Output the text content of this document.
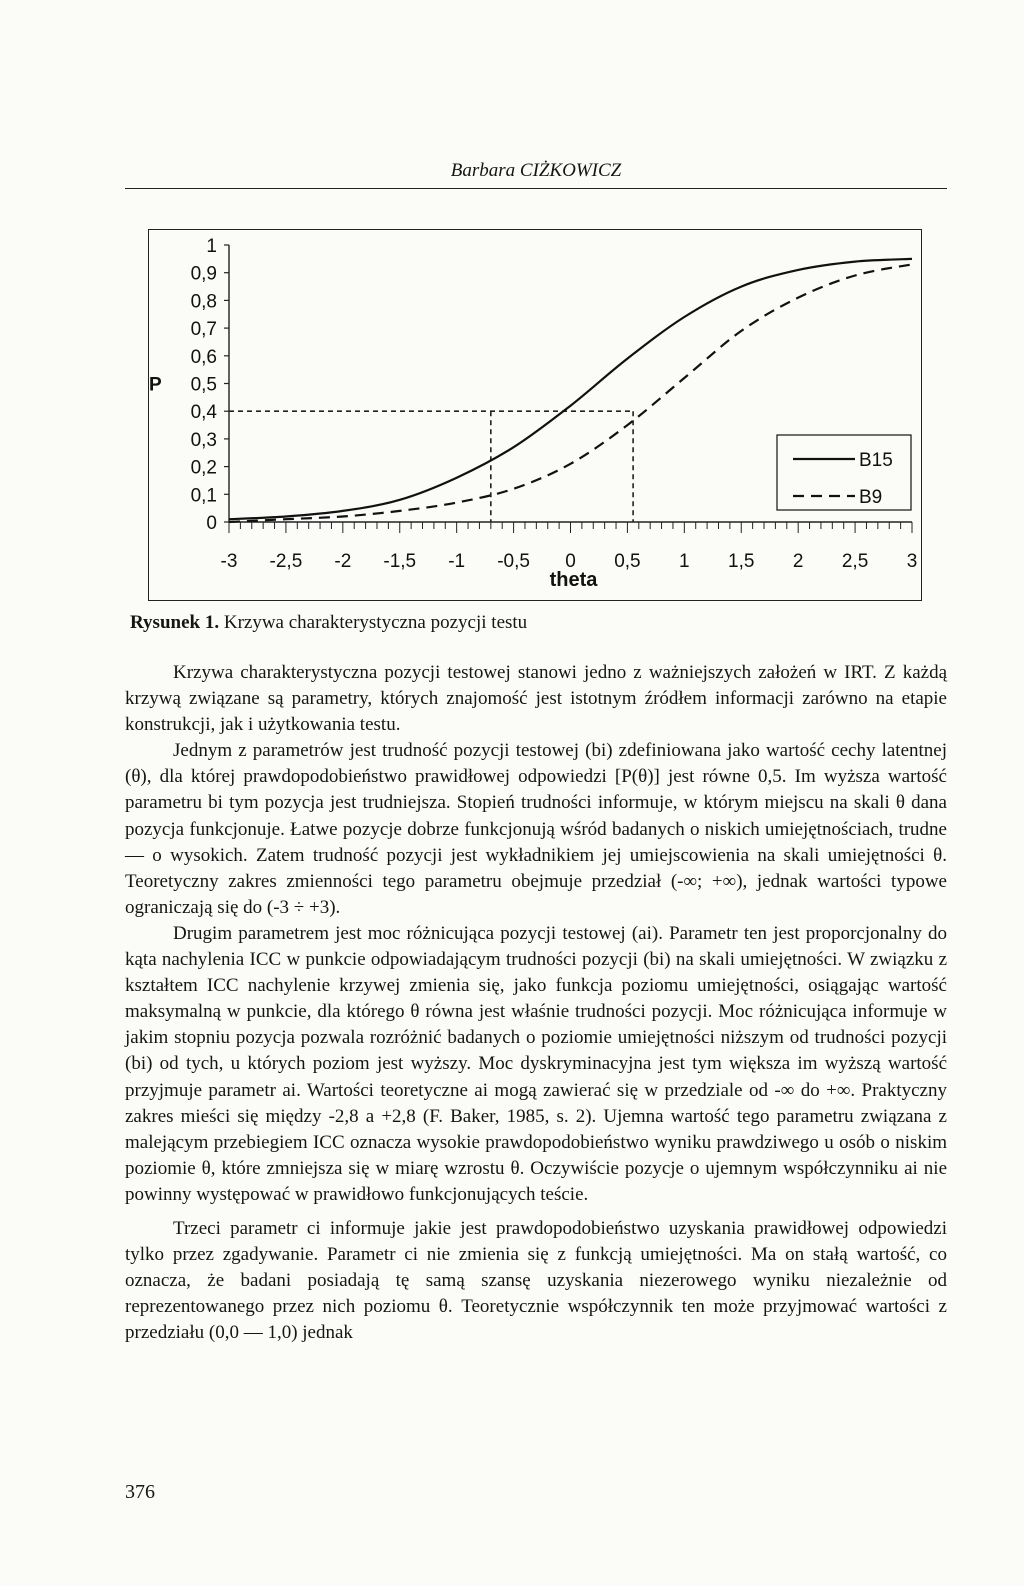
Barbara CIŻKOWICZ
1
0,9
0,8
0,7
0,6
0,5
0,4
0,3
0,2
0,1
0
P
-3 -2,5 -2 -1,5 -1 -0,5 0 0,5 1 1,5 2 2,5 3
theta
B15
B9
Rysunek 1. Krzywa charakterystyczna pozycji testu

Krzywa charakterystyczna pozycji testowej stanowi jedno z ważniejszych założeń w IRT. Z każdą krzywą związane są parametry, których znajomość jest istotnym źródłem informacji zarówno na etapie konstrukcji, jak i użytkowania testu.

Jednym z parametrów jest trudność pozycji testowej (bi) zdefiniowana jako wartość cechy latentnej (θ), dla której prawdopodobieństwo prawidłowej odpowiedzi [P(θ)] jest równe 0,5. Im wyższa wartość parametru bi tym pozycja jest trudniejsza. Stopień trudności informuje, w którym miejscu na skali θ dana pozycja funkcjonuje. Łatwe pozycje dobrze funkcjonują wśród badanych o niskich umiejętnościach, trudne — o wysokich. Zatem trudność pozycji jest wykładnikiem jej umiejscowienia na skali umiejętności θ. Teoretyczny zakres zmienności tego parametru obejmuje przedział (-∞; +∞), jednak wartości typowe ograniczają się do (-3 ÷ +3).

Drugim parametrem jest moc różnicująca pozycji testowej (ai). Parametr ten jest proporcjonalny do kąta nachylenia ICC w punkcie odpowiadającym trudności pozycji (bi) na skali umiejętności. W związku z kształtem ICC nachylenie krzywej zmienia się, jako funkcja poziomu umiejętności, osiągając wartość maksymalną w punkcie, dla którego θ równa jest właśnie trudności pozycji. Moc różnicująca informuje w jakim stopniu pozycja pozwala rozróżnić badanych o poziomie umiejętności niższym od trudności pozycji (bi) od tych, u których poziom jest wyższy. Moc dyskryminacyjna jest tym większa im wyższą wartość przyjmuje parametr ai. Wartości teoretyczne ai mogą zawierać się w przedziale od -∞ do +∞. Praktyczny zakres mieści się między -2,8 a +2,8 (F. Baker, 1985, s. 2). Ujemna wartość tego parametru związana z malejącym przebiegiem ICC oznacza wysokie prawdopodobieństwo wyniku prawdziwego u osób o niskim poziomie θ, które zmniejsza się w miarę wzrostu θ. Oczywiście pozycje o ujemnym współczynniku ai nie powinny występować w prawidłowo funkcjonujących teście.

Trzeci parametr ci informuje jakie jest prawdopodobieństwo uzyskania prawidłowej odpowiedzi tylko przez zgadywanie. Parametr ci nie zmienia się z funkcją umiejętności. Ma on stałą wartość, co oznacza, że badani posiadają tę samą szansę uzyskania niezerowego wyniku niezależnie od reprezentowanego przez nich poziomu θ. Teoretycznie współczynnik ten może przyjmować wartości z przedziału (0,0 — 1,0) jednak

376
